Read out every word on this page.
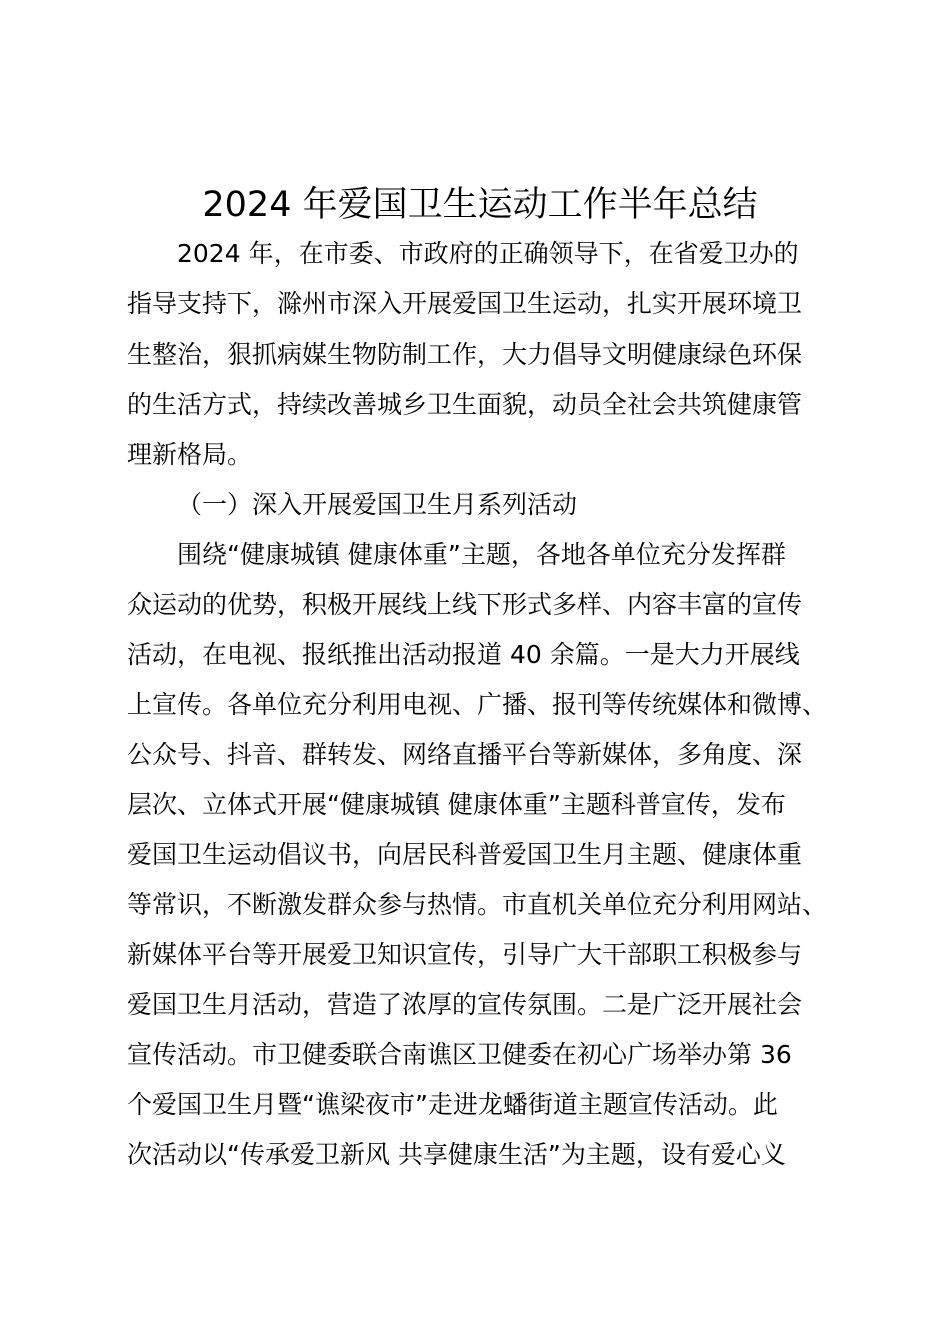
2024 年爱国卫生运动工作半年总结
2024 年，在市委、市政府的正确领导下，在省爱卫办的
指导支持下，滁州市深入开展爱国卫生运动，扎实开展环境卫
生整治，狠抓病媒生物防制工作，大力倡导文明健康绿色环保
的生活方式，持续改善城乡卫生面貌，动员全社会共筑健康管
理新格局。
（一）深入开展爱国卫生月系列活动
围绕“健康城镇 健康体重”主题，各地各单位充分发挥群
众运动的优势，积极开展线上线下形式多样、内容丰富的宣传
活动，在电视、报纸推出活动报道 40 余篇。一是大力开展线
上宣传。各单位充分利用电视、广播、报刊等传统媒体和微博、
公众号、抖音、群转发、网络直播平台等新媒体，多角度、深
层次、立体式开展“健康城镇 健康体重”主题科普宣传，发布
爱国卫生运动倡议书，向居民科普爱国卫生月主题、健康体重
等常识，不断激发群众参与热情。市直机关单位充分利用网站、
新媒体平台等开展爱卫知识宣传，引导广大干部职工积极参与
爱国卫生月活动，营造了浓厚的宣传氛围。二是广泛开展社会
宣传活动。市卫健委联合南谯区卫健委在初心广场举办第 36
个爱国卫生月暨“谯梁夜市”走进龙蟠街道主题宣传活动。此
次活动以“传承爱卫新风 共享健康生活”为主题，设有爱心义
